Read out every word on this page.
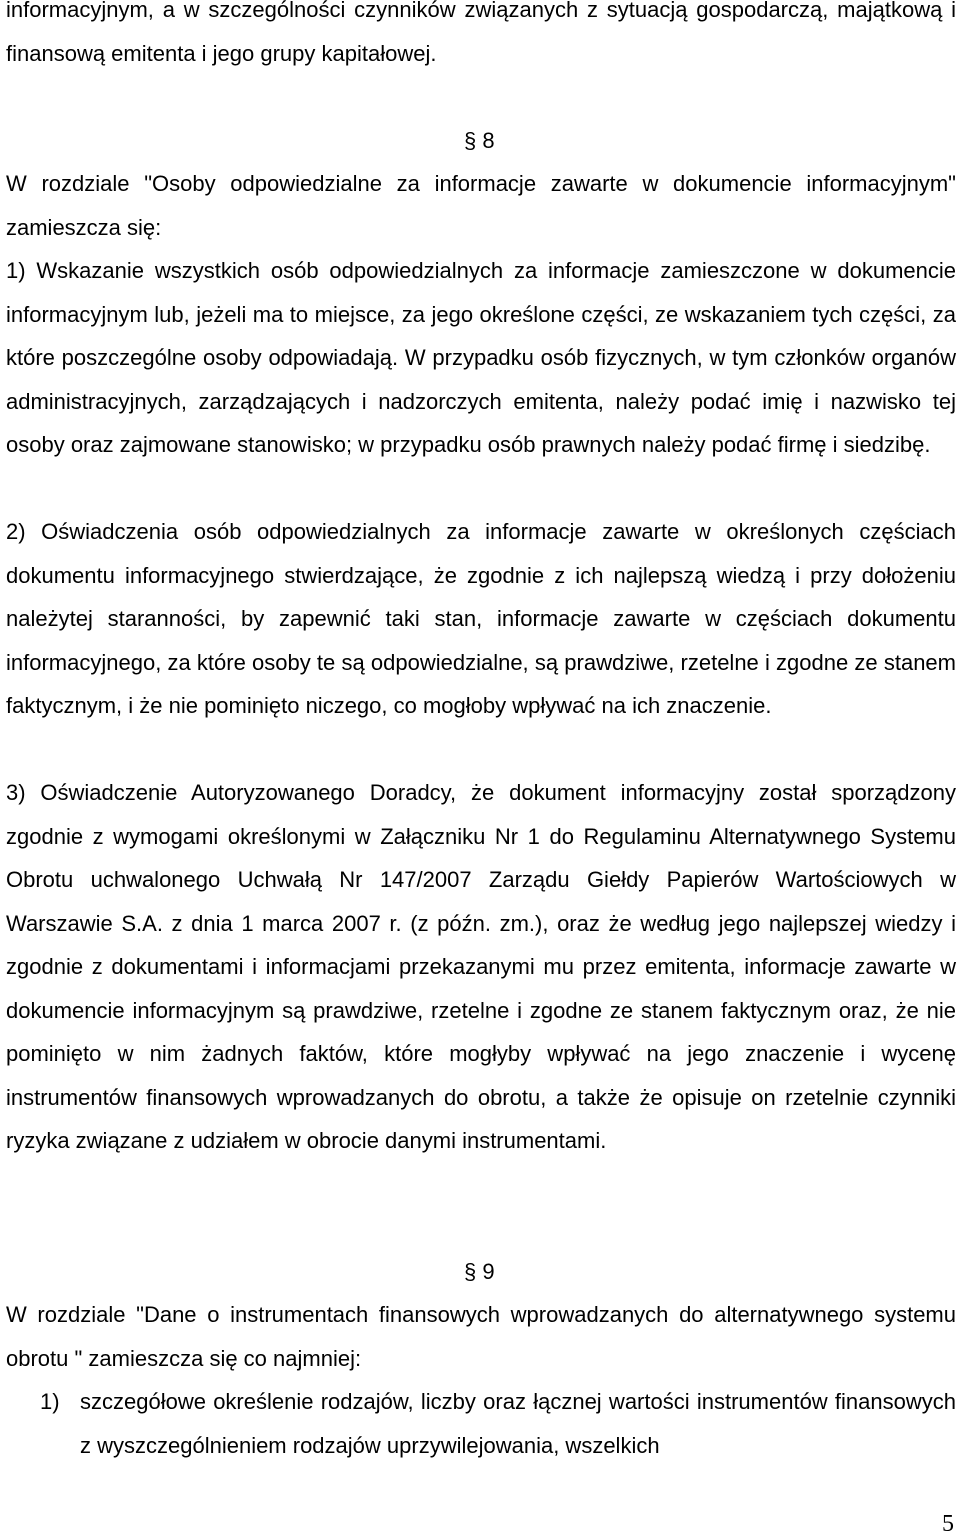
informacyjnym, a w szczególności czynników związanych z sytuacją gospodarczą, majątkową i finansową emitenta i jego grupy kapitałowej.

§ 8

W rozdziale "Osoby odpowiedzialne za informacje zawarte w dokumencie informacyjnym" zamieszcza się:

1) Wskazanie wszystkich osób odpowiedzialnych za informacje zamieszczone w dokumencie informacyjnym lub, jeżeli ma to miejsce, za jego określone części, ze wskazaniem tych części, za które poszczególne osoby odpowiadają. W przypadku osób fizycznych, w tym członków organów administracyjnych, zarządzających i nadzorczych emitenta, należy podać imię i nazwisko tej osoby oraz zajmowane stanowisko; w przypadku osób prawnych należy podać firmę i siedzibę.

2) Oświadczenia osób odpowiedzialnych za informacje zawarte w określonych częściach dokumentu informacyjnego stwierdzające, że zgodnie z ich najlepszą wiedzą i przy dołożeniu należytej staranności, by zapewnić taki stan, informacje zawarte w częściach dokumentu informacyjnego, za które osoby te są odpowiedzialne, są prawdziwe, rzetelne i zgodne ze stanem faktycznym, i że nie pominięto niczego, co mogłoby wpływać na ich znaczenie.

3) Oświadczenie Autoryzowanego Doradcy, że dokument informacyjny został sporządzony zgodnie z wymogami określonymi w Załączniku Nr 1 do Regulaminu Alternatywnego Systemu Obrotu uchwalonego Uchwałą Nr 147/2007 Zarządu Giełdy Papierów Wartościowych w Warszawie S.A. z dnia 1 marca 2007 r. (z późn. zm.), oraz że według jego najlepszej wiedzy i zgodnie z dokumentami i informacjami przekazanymi mu przez emitenta, informacje zawarte w dokumencie informacyjnym są prawdziwe, rzetelne i zgodne ze stanem faktycznym oraz, że nie pominięto w nim żadnych faktów, które mogłyby wpływać na jego znaczenie i wycenę instrumentów finansowych wprowadzanych do obrotu, a także że opisuje on rzetelnie czynniki ryzyka związane z udziałem w obrocie danymi instrumentami.

§ 9

W rozdziale "Dane o instrumentach finansowych wprowadzanych do alternatywnego systemu obrotu " zamieszcza się co najmniej:

1) szczegółowe określenie rodzajów, liczby oraz łącznej wartości instrumentów finansowych z wyszczególnieniem rodzajów uprzywilejowania, wszelkich

5
